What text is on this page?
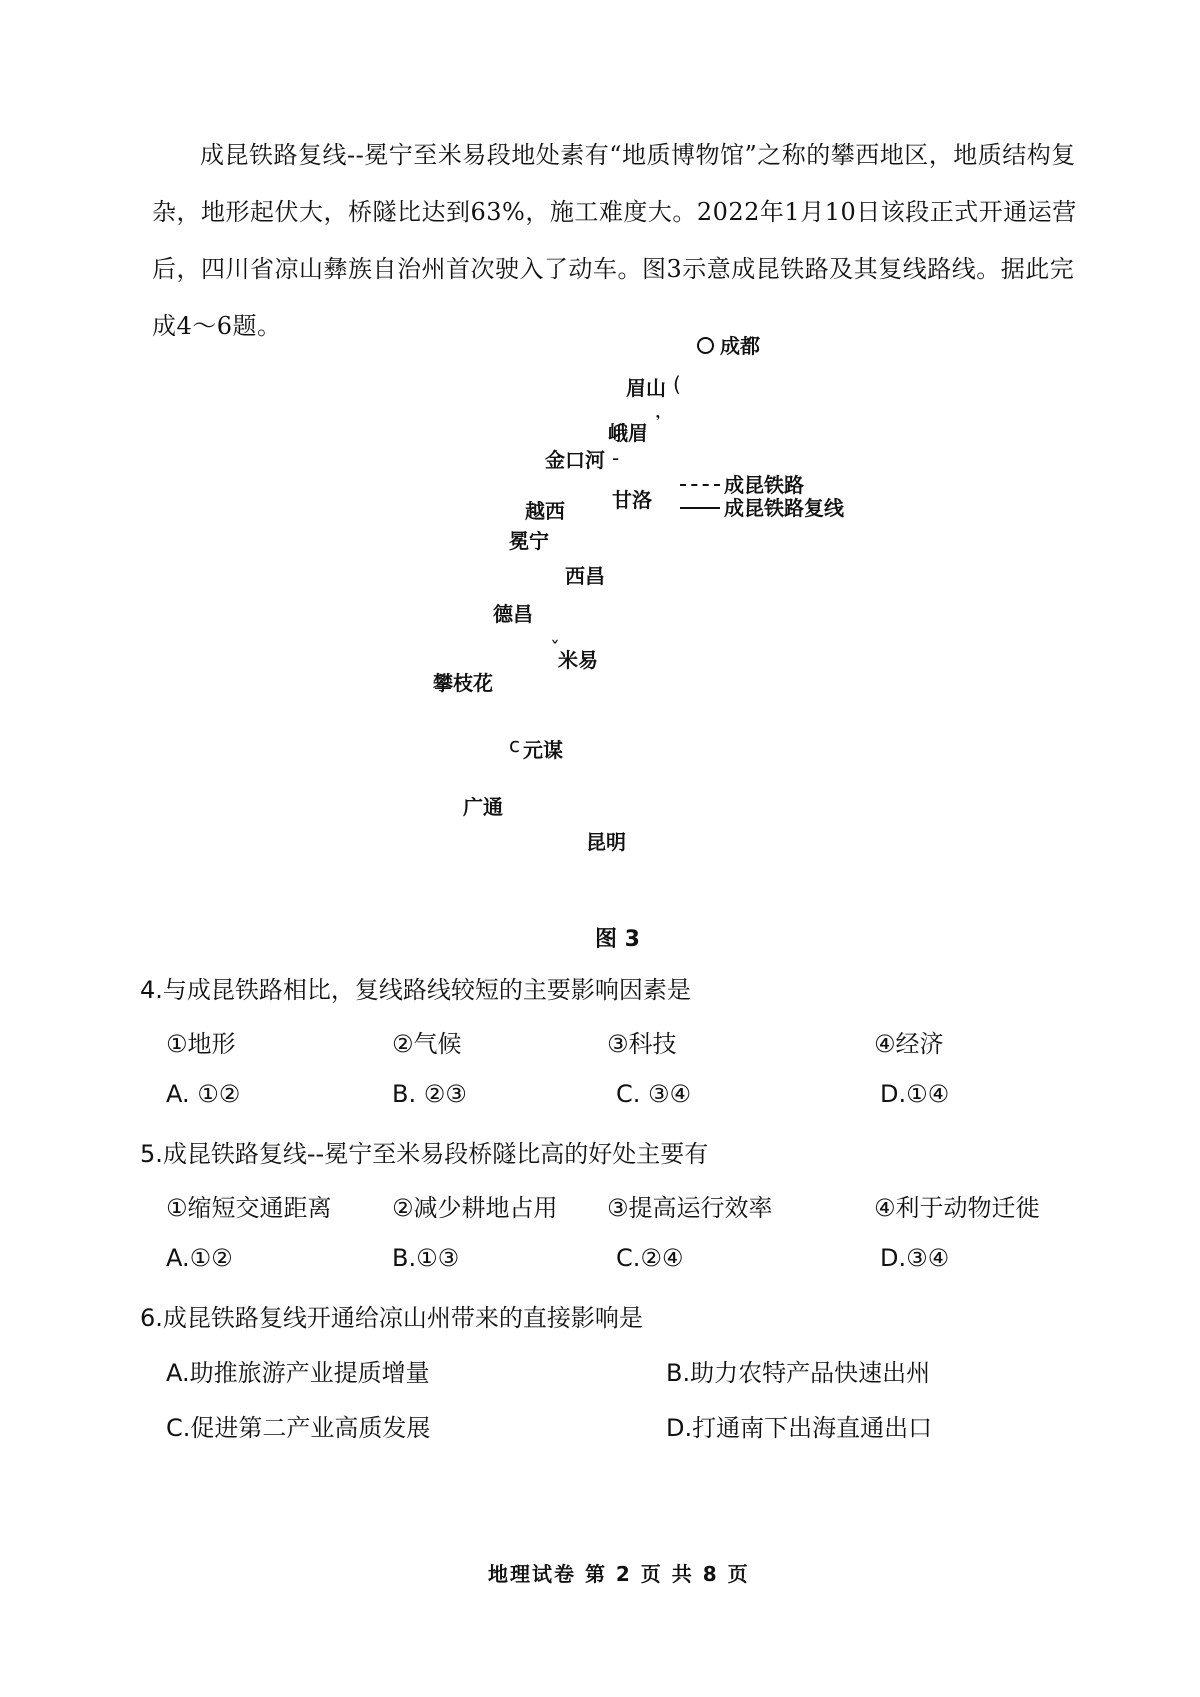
成昆铁路复线--冕宁至米易段地处素有“地质博物馆”之称的攀西地区，地质结构复杂，地形起伏大，桥隧比达到63%，施工难度大。2022年1月10日该段正式开通运营后，四川省凉山彝族自治州首次驶入了动车。图3示意成昆铁路及其复线路线。据此完成4～6题。

成都
眉山 (
峨眉 𝄒
金口河 -
甘洛
越西
冕宁
西昌
德昌
ˇ
米易
攀枝花
ⅽ 元谋
广通
昆明
成昆铁路
成昆铁路复线
图 3
4.与成昆铁路相比，复线路线较短的主要影响因素是
①地形	②气候	③科技	④经济
A. ①②	B. ②③	C. ③④	D.①④
5.成昆铁路复线--冕宁至米易段桥隧比高的好处主要有
①缩短交通距离	②减少耕地占用 ③提高运行效率	④利于动物迁徙
A.①②	B.①③	C.②④	D.③④
6.成昆铁路复线开通给凉山州带来的直接影响是
A.助推旅游产业提质增量	B.助力农特产品快速出州
C.促进第二产业高质发展	D.打通南下出海直通出口
地理试卷 第 2 页 共 8 页
